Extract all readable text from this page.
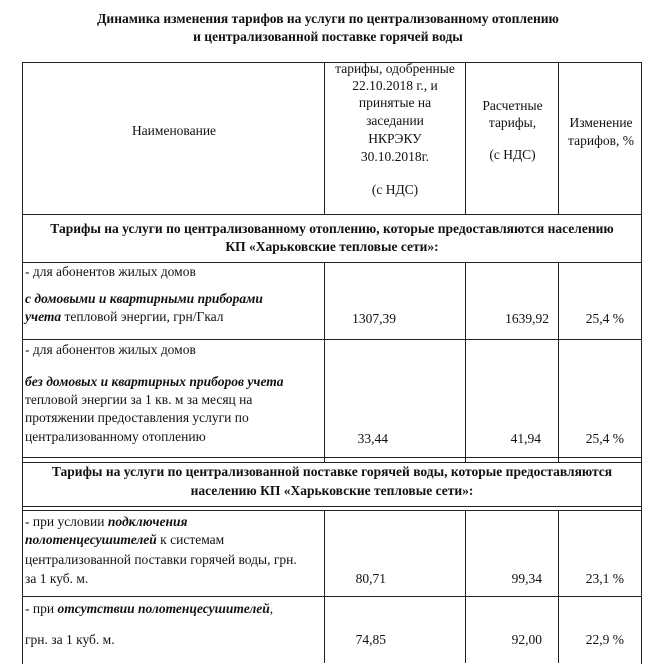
Динамика изменения тарифов на услуги по централизованному отоплению
и централизованной поставке горячей воды
Наименование
тарифы, одобренные
22.10.2018 г., и
принятые на
заседании
НКРЭКУ
30.10.2018г.
(с НДС)
Расчетные
тарифы,
(с НДС)
Изменение
тарифов, %
Тарифы на услуги по централизованному отоплению, которые предоставляются населению
КП «Харьковские тепловые сети»:
- для абонентов жилых домов
с домовыми и квартирными приборами
учета тепловой энергии, грн/Гкал	1307,39	1639,92	25,4 %
- для абонентов жилых домов
без домовых и квартирных приборов учета
тепловой энергии за 1 кв. м за месяц на
протяжении предоставления услуги по
централизованному отоплению	33,44	41,94	25,4 %
Тарифы на услуги по централизованной поставке горячей воды, которые предоставляются
населению КП «Харьковские тепловые сети»:
- при условии подключения
полотенцесушителей к системам
централизованной поставки горячей воды, грн.
за 1 куб. м.	80,71	99,34	23,1 %
- при отсутствии полотенцесушителей,
грн. за 1 куб. м.	74,85	92,00	22,9 %
